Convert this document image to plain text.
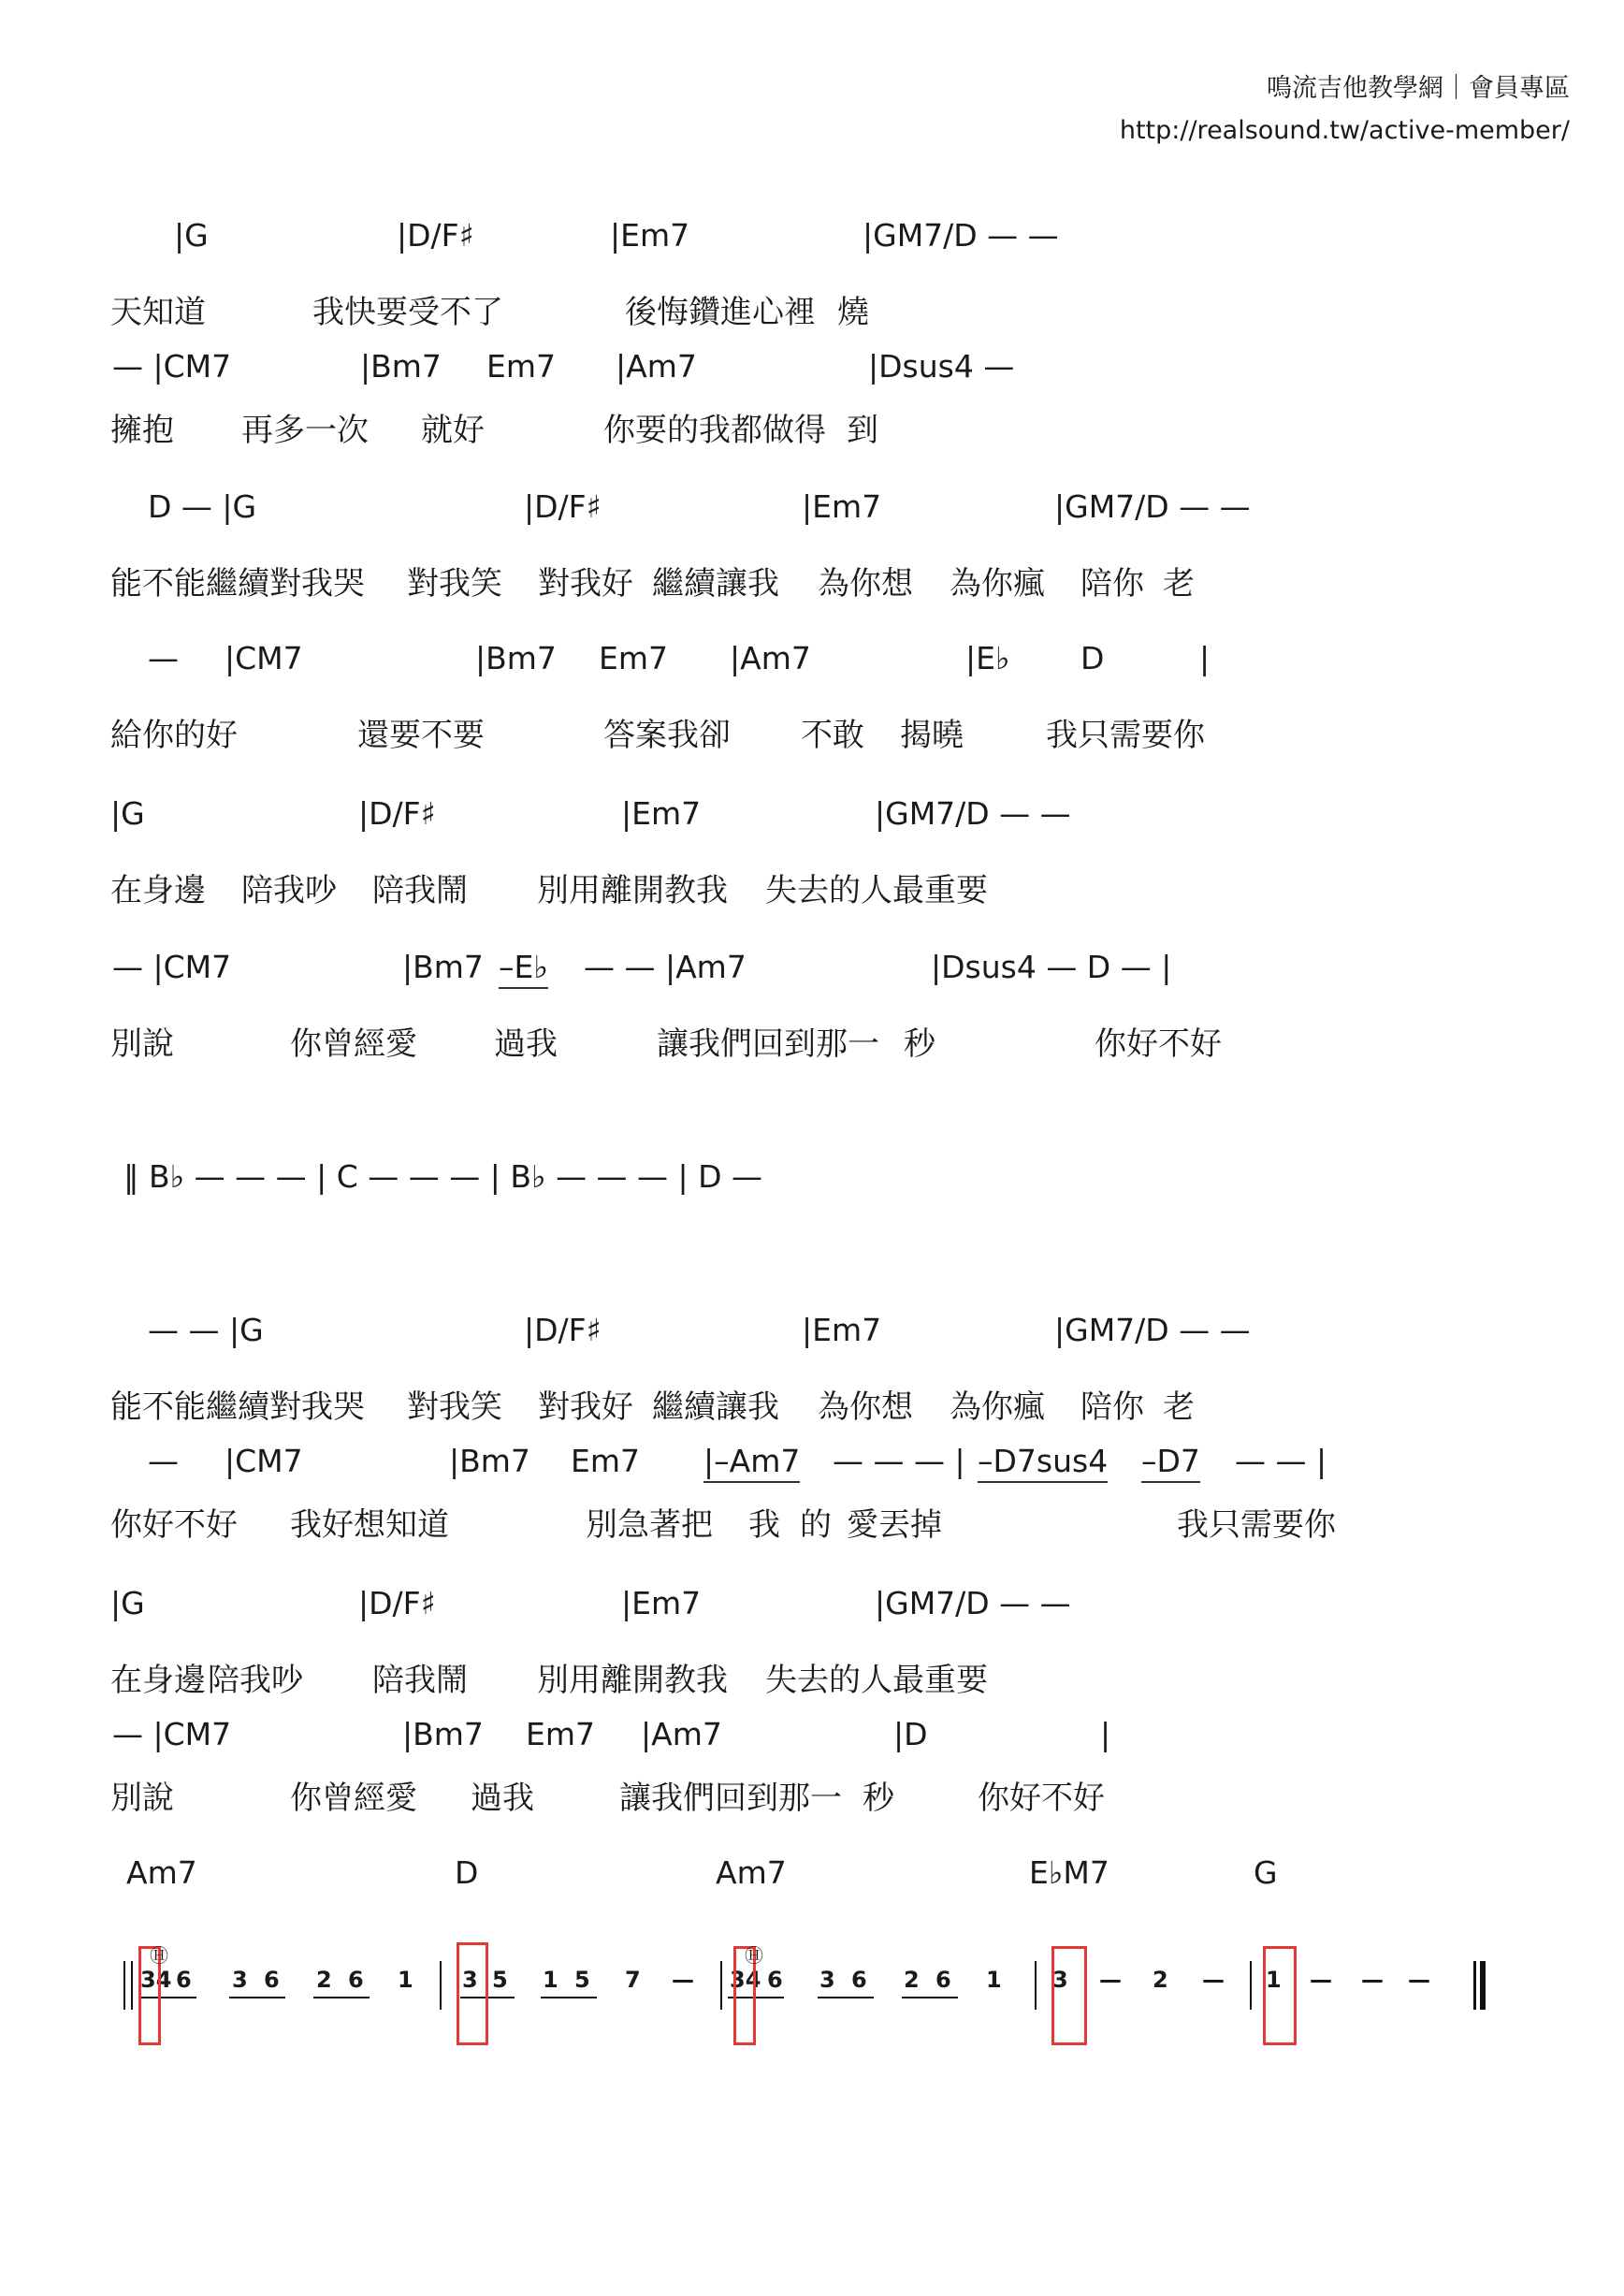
鳴流吉他教學網｜會員專區
http://realsound.tw/active-member/
|G	|D/F♯	|Em7	|GM7/D — —
天知道	我快要受不了	後悔鑽進心裡 燒
— |CM7	|Bm7 Em7 |Am7	|Dsus4 —
擁抱 再多一次 就好	你要的我都做得 到
D — |G	|D/F♯	|Em7	|GM7/D — —
能不能繼續對我哭 對我笑 對我好 繼續讓我 為你想 為你瘋 陪你 老
— |CM7	|Bm7 Em7 |Am7	|E♭ D	|
給你的好	還要不要	答案我卻 不敢 揭曉	我只需要你
|G	|D/F♯	|Em7	|GM7/D — —
在身邊 陪我吵 陪我鬧 別用離開教我 失去的人最重要
— |CM7	|Bm7 –E♭ — — |Am7	|Dsus4 — D — |
別說	你曾經愛 過我	讓我們回到那一 秒	你好不好
‖ B♭ — — — | C — — — | B♭ — — — | D —
— — |G	|D/F♯	|Em7	|GM7/D — —
能不能繼續對我哭 對我笑 對我好 繼續讓我 為你想 為你瘋 陪你 老
— |CM7	|Bm7 Em7 |–Am7 — — — | –D7sus4 –D7 — — |
你好不好 我好想知道	別急著把 我 的 愛丟掉	我只需要你
|G	|D/F♯	|Em7	|GM7/D — —
在身邊 陪我吵 陪我鬧 別用離開教我 失去的人最重要
— |CM7	|Bm7 Em7 |Am7	|D	|
別說	你曾經愛 過我	讓我們回到那一 秒	你好不好
Am7	D	Am7	E♭M7	G
34 6 3 6 2 6 1 3 5 1 5 7 — 34 6 3 6 2 6 1 3 — 2 — 1 — — —
Ⓗ	Ⓗ
